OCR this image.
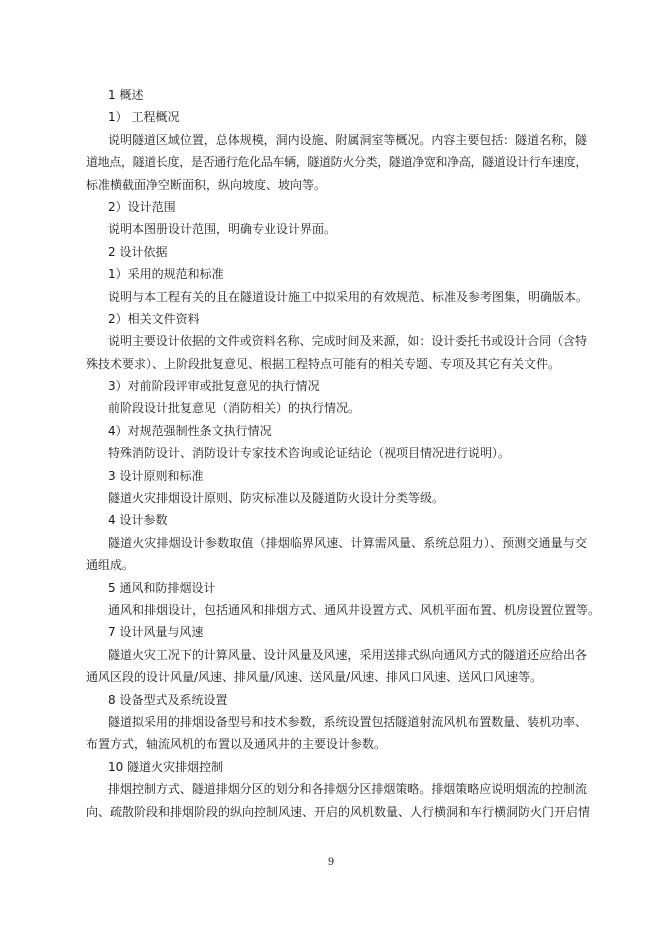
1 概述
1） 工程概况
说明隧道区域位置，总体规模，洞内设施、附属洞室等概况。内容主要包括：隧道名称，隧
道地点，隧道长度，是否通行危化品车辆，隧道防火分类，隧道净宽和净高，隧道设计行车速度，
标准横截面净空断面积，纵向坡度、坡向等。
2）设计范围
说明本图册设计范围，明确专业设计界面。
2 设计依据
1）采用的规范和标准
说明与本工程有关的且在隧道设计施工中拟采用的有效规范、标准及参考图集，明确版本。
2）相关文件资料
说明主要设计依据的文件或资料名称、完成时间及来源，如：设计委托书或设计合同（含特
殊技术要求）、上阶段批复意见、根据工程特点可能有的相关专题、专项及其它有关文件。
3）对前阶段评审或批复意见的执行情况
前阶段设计批复意见（消防相关）的执行情况。
4）对规范强制性条文执行情况
特殊消防设计、消防设计专家技术咨询或论证结论（视项目情况进行说明）。
3 设计原则和标准
隧道火灾排烟设计原则、防灾标准以及隧道防火设计分类等级。
4 设计参数
隧道火灾排烟设计参数取值（排烟临界风速、计算需风量、系统总阻力）、预测交通量与交
通组成。
5 通风和防排烟设计
通风和排烟设计，包括通风和排烟方式、通风井设置方式、风机平面布置、机房设置位置等。
7 设计风量与风速
隧道火灾工况下的计算风量、设计风量及风速，采用送排式纵向通风方式的隧道还应给出各
通风区段的设计风量/风速、排风量/风速、送风量/风速、排风口风速、送风口风速等。
8 设备型式及系统设置
隧道拟采用的排烟设备型号和技术参数，系统设置包括隧道射流风机布置数量、装机功率、
布置方式，轴流风机的布置以及通风井的主要设计参数。
10 隧道火灾排烟控制
排烟控制方式、隧道排烟分区的划分和各排烟分区排烟策略。排烟策略应说明烟流的控制流
向、疏散阶段和排烟阶段的纵向控制风速、开启的风机数量、人行横洞和车行横洞防火门开启情
9
